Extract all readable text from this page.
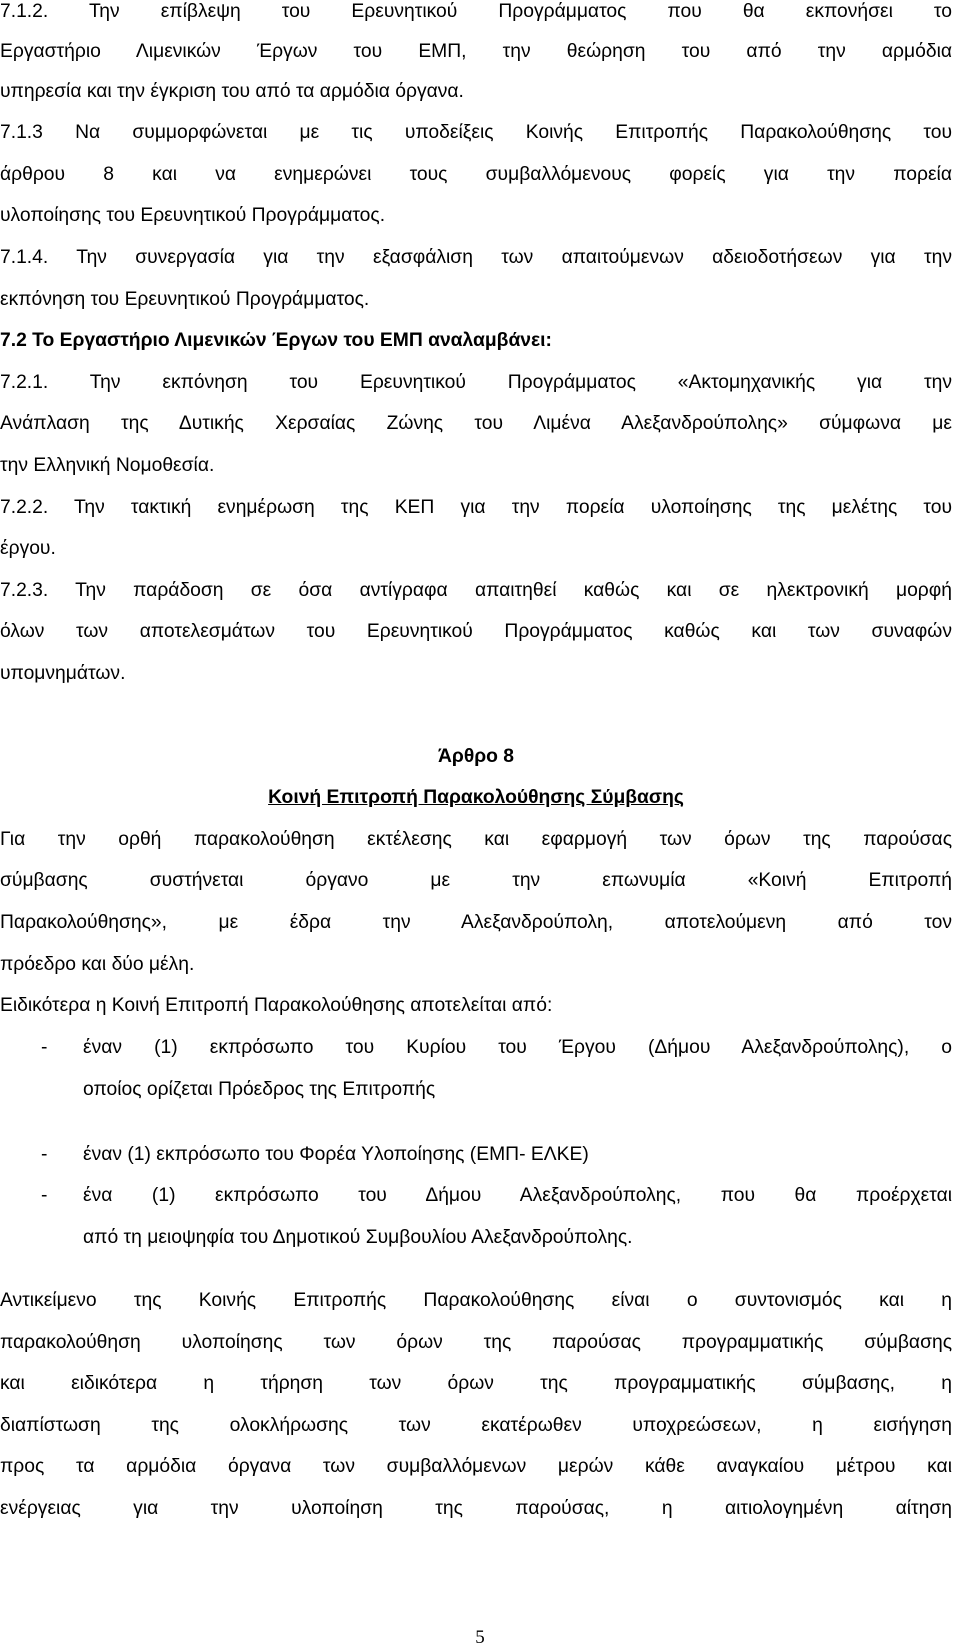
7.1.2. Την επίβλεψη του Ερευνητικού Προγράμματος που θα εκπονήσει το

Εργαστήριο Λιμενικών Έργων του ΕΜΠ, την θεώρηση του από την αρμόδια

υπηρεσία και την έγκριση του από τα αρμόδια όργανα.

7.1.3 Να συμμορφώνεται με τις υποδείξεις Κοινής Επιτροπής Παρακολούθησης του

άρθρου 8 και να ενημερώνει τους συμβαλλόμενους φορείς για την πορεία

υλοποίησης του Ερευνητικού Προγράμματος.

7.1.4. Την συνεργασία για την εξασφάλιση των απαιτούμενων αδειοδοτήσεων για την

εκπόνηση του Ερευνητικού Προγράμματος.

7.2 Το Εργαστήριο Λιμενικών Έργων του ΕΜΠ αναλαμβάνει:

7.2.1. Την εκπόνηση του Ερευνητικού Προγράμματος «Ακτομηχανικής για την

Ανάπλαση της Δυτικής Χερσαίας Ζώνης του Λιμένα Αλεξανδρούπολης» σύμφωνα με

την Ελληνική Νομοθεσία.

7.2.2. Την τακτική ενημέρωση της ΚΕΠ για την πορεία υλοποίησης της μελέτης του

έργου.

7.2.3. Την παράδοση σε όσα αντίγραφα απαιτηθεί καθώς και σε ηλεκτρονική μορφή

όλων των αποτελεσμάτων του Ερευνητικού Προγράμματος καθώς και των συναφών

υπομνημάτων.

Άρθρο 8

Κοινή Επιτροπή Παρακολούθησης Σύμβασης

Για την ορθή παρακολούθηση εκτέλεσης και εφαρμογή των όρων της παρούσας

σύμβασης συστήνεται όργανο με την επωνυμία «Κοινή Επιτροπή

Παρακολούθησης», με έδρα την Αλεξανδρούπολη, αποτελούμενη από τον

πρόεδρο και δύο μέλη.

Ειδικότερα η Κοινή Επιτροπή Παρακολούθησης αποτελείται από:

- έναν (1) εκπρόσωπο του Κυρίου του Έργου (Δήμου Αλεξανδρούπολης), ο

οποίος ορίζεται Πρόεδρος της Επιτροπής

- έναν (1) εκπρόσωπο του Φορέα Υλοποίησης (ΕΜΠ- ΕΛΚΕ)

- ένα (1) εκπρόσωπο του Δήμου Αλεξανδρούπολης, που θα προέρχεται

από τη μειοψηφία του Δημοτικού Συμβουλίου Αλεξανδρούπολης.

Αντικείμενο της Κοινής Επιτροπής Παρακολούθησης είναι ο συντονισμός και η

παρακολούθηση υλοποίησης των όρων της παρούσας προγραμματικής σύμβασης

και ειδικότερα η τήρηση των όρων της προγραμματικής σύμβασης, η

διαπίστωση της ολοκλήρωσης των εκατέρωθεν υποχρεώσεων, η εισήγηση

προς τα αρμόδια όργανα των συμβαλλόμενων μερών κάθε αναγκαίου μέτρου και

ενέργειας για την υλοποίηση της παρούσας, η αιτιολογημένη αίτηση

5
